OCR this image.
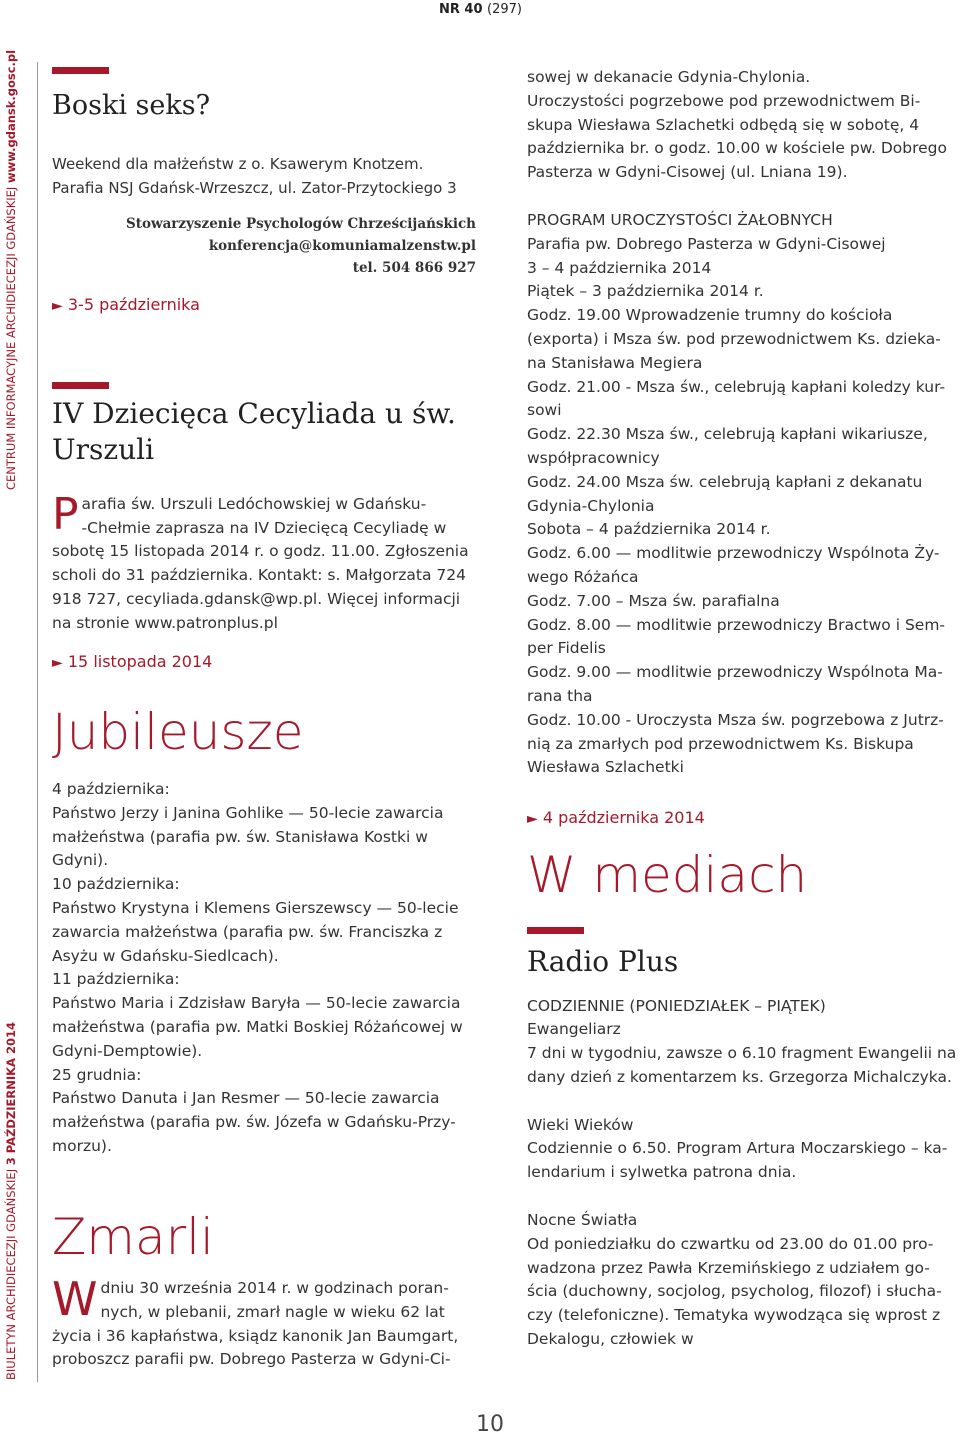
NR 40 (297)
BIULETYN ARCHIDIECEZJI GDAŃSKIEJ 3 PAŹDZIERNIKA 2014
CENTRUM INFORMACYJNE ARCHIDIECEZJI GDAŃSKIEJ www.gdansk.gosc.pl Boski seks?
Weekend dla małżeństw z o. Ksawerym Knotzem.
Parafia NSJ Gdańsk-Wrzeszcz, ul. Zator-Przytockiego 3
Stowarzyszenie Psychologów Chrześcijańskich
konferencja@komuniamalzenstw.pl
tel. 504 866 927
► 3-5 października
IV Dziecięca Cecyliada u św.
Urszuli
P arafia św. Urszuli Ledóchowskiej w Gdańsku-
-Chełmie zaprasza na IV Dziecięcą Cecyliadę w
sobotę 15 listopada 2014 r. o godz. 11.00. Zgłoszenia
scholi do 31 października. Kontakt: s. Małgorzata 724
918 727, cecyliada.gdansk@wp.pl. Więcej informacji
na stronie www.patronplus.pl
► 15 listopada 2014
Jubileusze
4 października:
Państwo Jerzy i Janina Gohlike — 50-lecie zawarcia
małżeństwa (parafia pw. św. Stanisława Kostki w
Gdyni).
10 października:
Państwo Krystyna i Klemens Gierszewscy — 50-lecie
zawarcia małżeństwa (parafia pw. św. Franciszka z
Asyżu w Gdańsku-Siedlcach).
11 października:
Państwo Maria i Zdzisław Baryła — 50-lecie zawarcia
małżeństwa (parafia pw. Matki Boskiej Różańcowej w
Gdyni-Demptowie).
25 grudnia:
Państwo Danuta i Jan Resmer — 50-lecie zawarcia
małżeństwa (parafia pw. św. Józefa w Gdańsku-Przy-
morzu).
Zmarli
W dniu 30 września 2014 r. w godzinach poran-
nych, w plebanii, zmarł nagle w wieku 62 lat
życia i 36 kapłaństwa, ksiądz kanonik Jan Baumgart,
proboszcz parafii pw. Dobrego Pasterza w Gdyni-Ci-
sowej w dekanacie Gdynia-Chylonia.
Uroczystości pogrzebowe pod przewodnictwem Bi-
skupa Wiesława Szlachetki odbędą się w sobotę, 4
października br. o godz. 10.00 w kościele pw. Dobrego
Pasterza w Gdyni-Cisowej (ul. Lniana 19).
PROGRAM UROCZYSTOŚCI ŻAŁOBNYCH
Parafia pw. Dobrego Pasterza w Gdyni-Cisowej
3 – 4 października 2014
Piątek – 3 października 2014 r.
Godz. 19.00 Wprowadzenie trumny do kościoła
(exporta) i Msza św. pod przewodnictwem Ks. dzieka-
na Stanisława Megiera
Godz. 21.00 - Msza św., celebrują kapłani koledzy kur-
sowi
Godz. 22.30 Msza św., celebrują kapłani wikariusze,
współpracownicy
Godz. 24.00 Msza św. celebrują kapłani z dekanatu
Gdynia-Chylonia
Sobota – 4 października 2014 r.
Godz. 6.00 — modlitwie przewodniczy Wspólnota Ży-
wego Różańca
Godz. 7.00 – Msza św. parafialna
Godz. 8.00 — modlitwie przewodniczy Bractwo i Sem-
per Fidelis
Godz. 9.00 — modlitwie przewodniczy Wspólnota Ma-
rana tha
Godz. 10.00 - Uroczysta Msza św. pogrzebowa z Jutrz-
nią za zmarłych pod przewodnictwem Ks. Biskupa
Wiesława Szlachetki
► 4 października 2014
W mediach
Radio Plus
CODZIENNIE (PONIEDZIAŁEK – PIĄTEK)
Ewangeliarz
7 dni w tygodniu, zawsze o 6.10 fragment Ewangelii na
dany dzień z komentarzem ks. Grzegorza Michalczyka.
Wieki Wieków
Codziennie o 6.50. Program Artura Moczarskiego – ka-
lendarium i sylwetka patrona dnia.
Nocne Światła
Od poniedziałku do czwartku od 23.00 do 01.00 pro-
wadzona przez Pawła Krzemińskiego z udziałem go-
ścia (duchowny, socjolog, psycholog, filozof) i słucha-
czy (telefoniczne). Tematyka wywodząca się wprost z
Dekalogu, człowiek w
10
